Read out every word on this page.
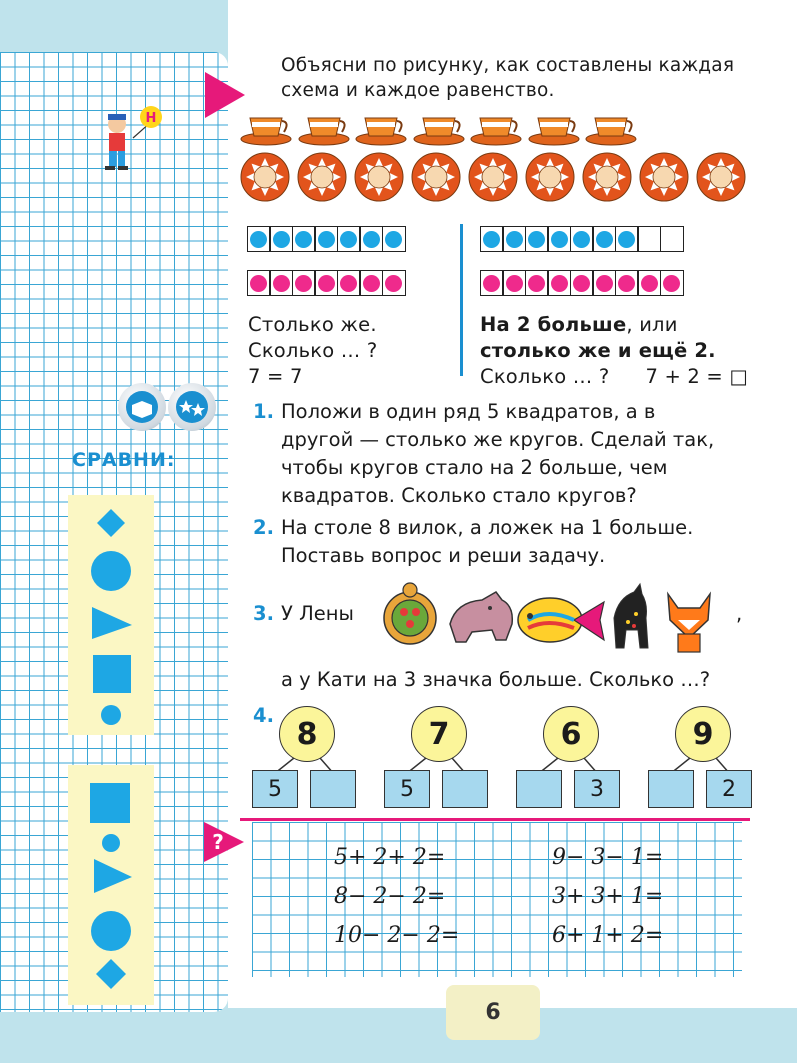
Н
Объясни по рисунку, как составлены каждая
схема и каждое равенство.
Столько же.
Сколько … ?
7 = 7
На 2 больше, или
столько же и ещё 2.
Сколько … ? 7 + 2 = □
СРАВНИ:
1. Положи в один ряд 5 квадратов, а в
другой — столько же кругов. Сделай так,
чтобы кругов стало на 2 больше, чем
квадратов. Сколько стало кругов?
2. На столе 8 вилок, а ложек на 1 больше.
Поставь вопрос и реши задачу.
3. У Лены	,
а у Кати на 3 значка больше. Сколько …?
4.
8
5
7
5
6
3
9
2
?
5+ 2+ 2=
8− 2− 2=
10− 2− 2=
9− 3− 1=
3+ 3+ 1=
6+ 1+ 2=
6
